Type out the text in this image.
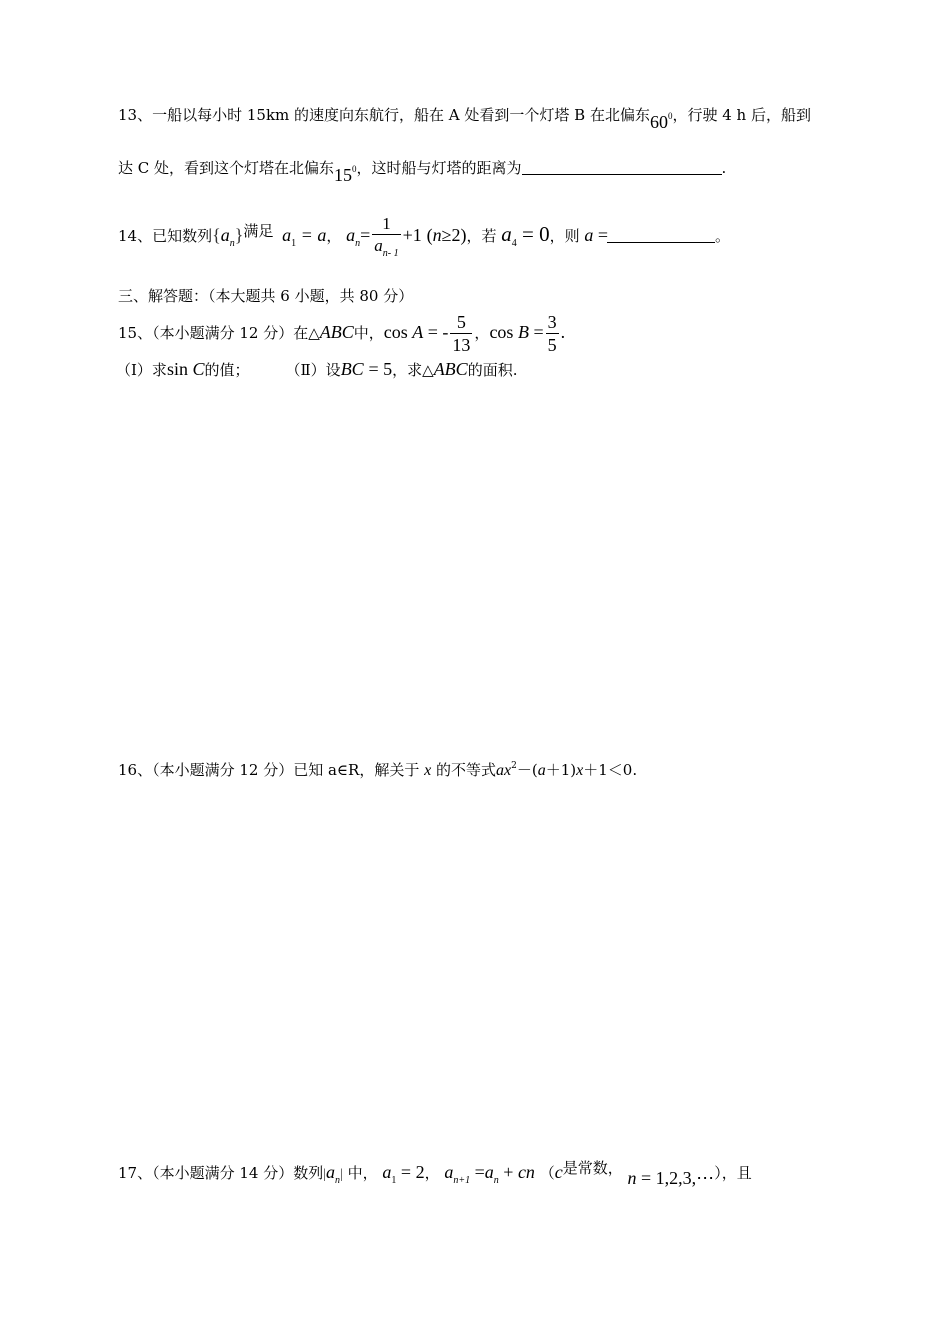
13、一船以每小时 15km 的速度向东航行，船在 A 处看到一个灯塔 B 在北偏东$60^0$，行驶 4 h 后，船到
达 C 处，看到这个灯塔在北偏东$15^0$，这时船与灯塔的距离为	.
14、已知数列$\{a_n\}$满足 $a_1 = a$， $a_n= \frac{1}{a_{n- 1}} +1$ (n≥2)，若 $a_4 = 0$，则 a =	。
三、解答题：（本大题共 6 小题，共 80 分）
15、（本小题满分 12 分）在△ABC中，cos A = - $\frac{5}{13}$ ，$\cos B = \frac{3}{5}$ .
（Ⅰ）求sin C的值； （Ⅱ）设BC = 5，求△ABC的面积.
16、（本小题满分 12 分）已知 a∈R，解关于 x 的不等式$ax^2-(a+1)x+1<0$.
17、（本小题满分 14 分）数列$|a_n|$ 中， $a_1 = 2$， $a_{n+1} =a_n$ + cn （c是常数， n = 1,2,3,⋯），且
